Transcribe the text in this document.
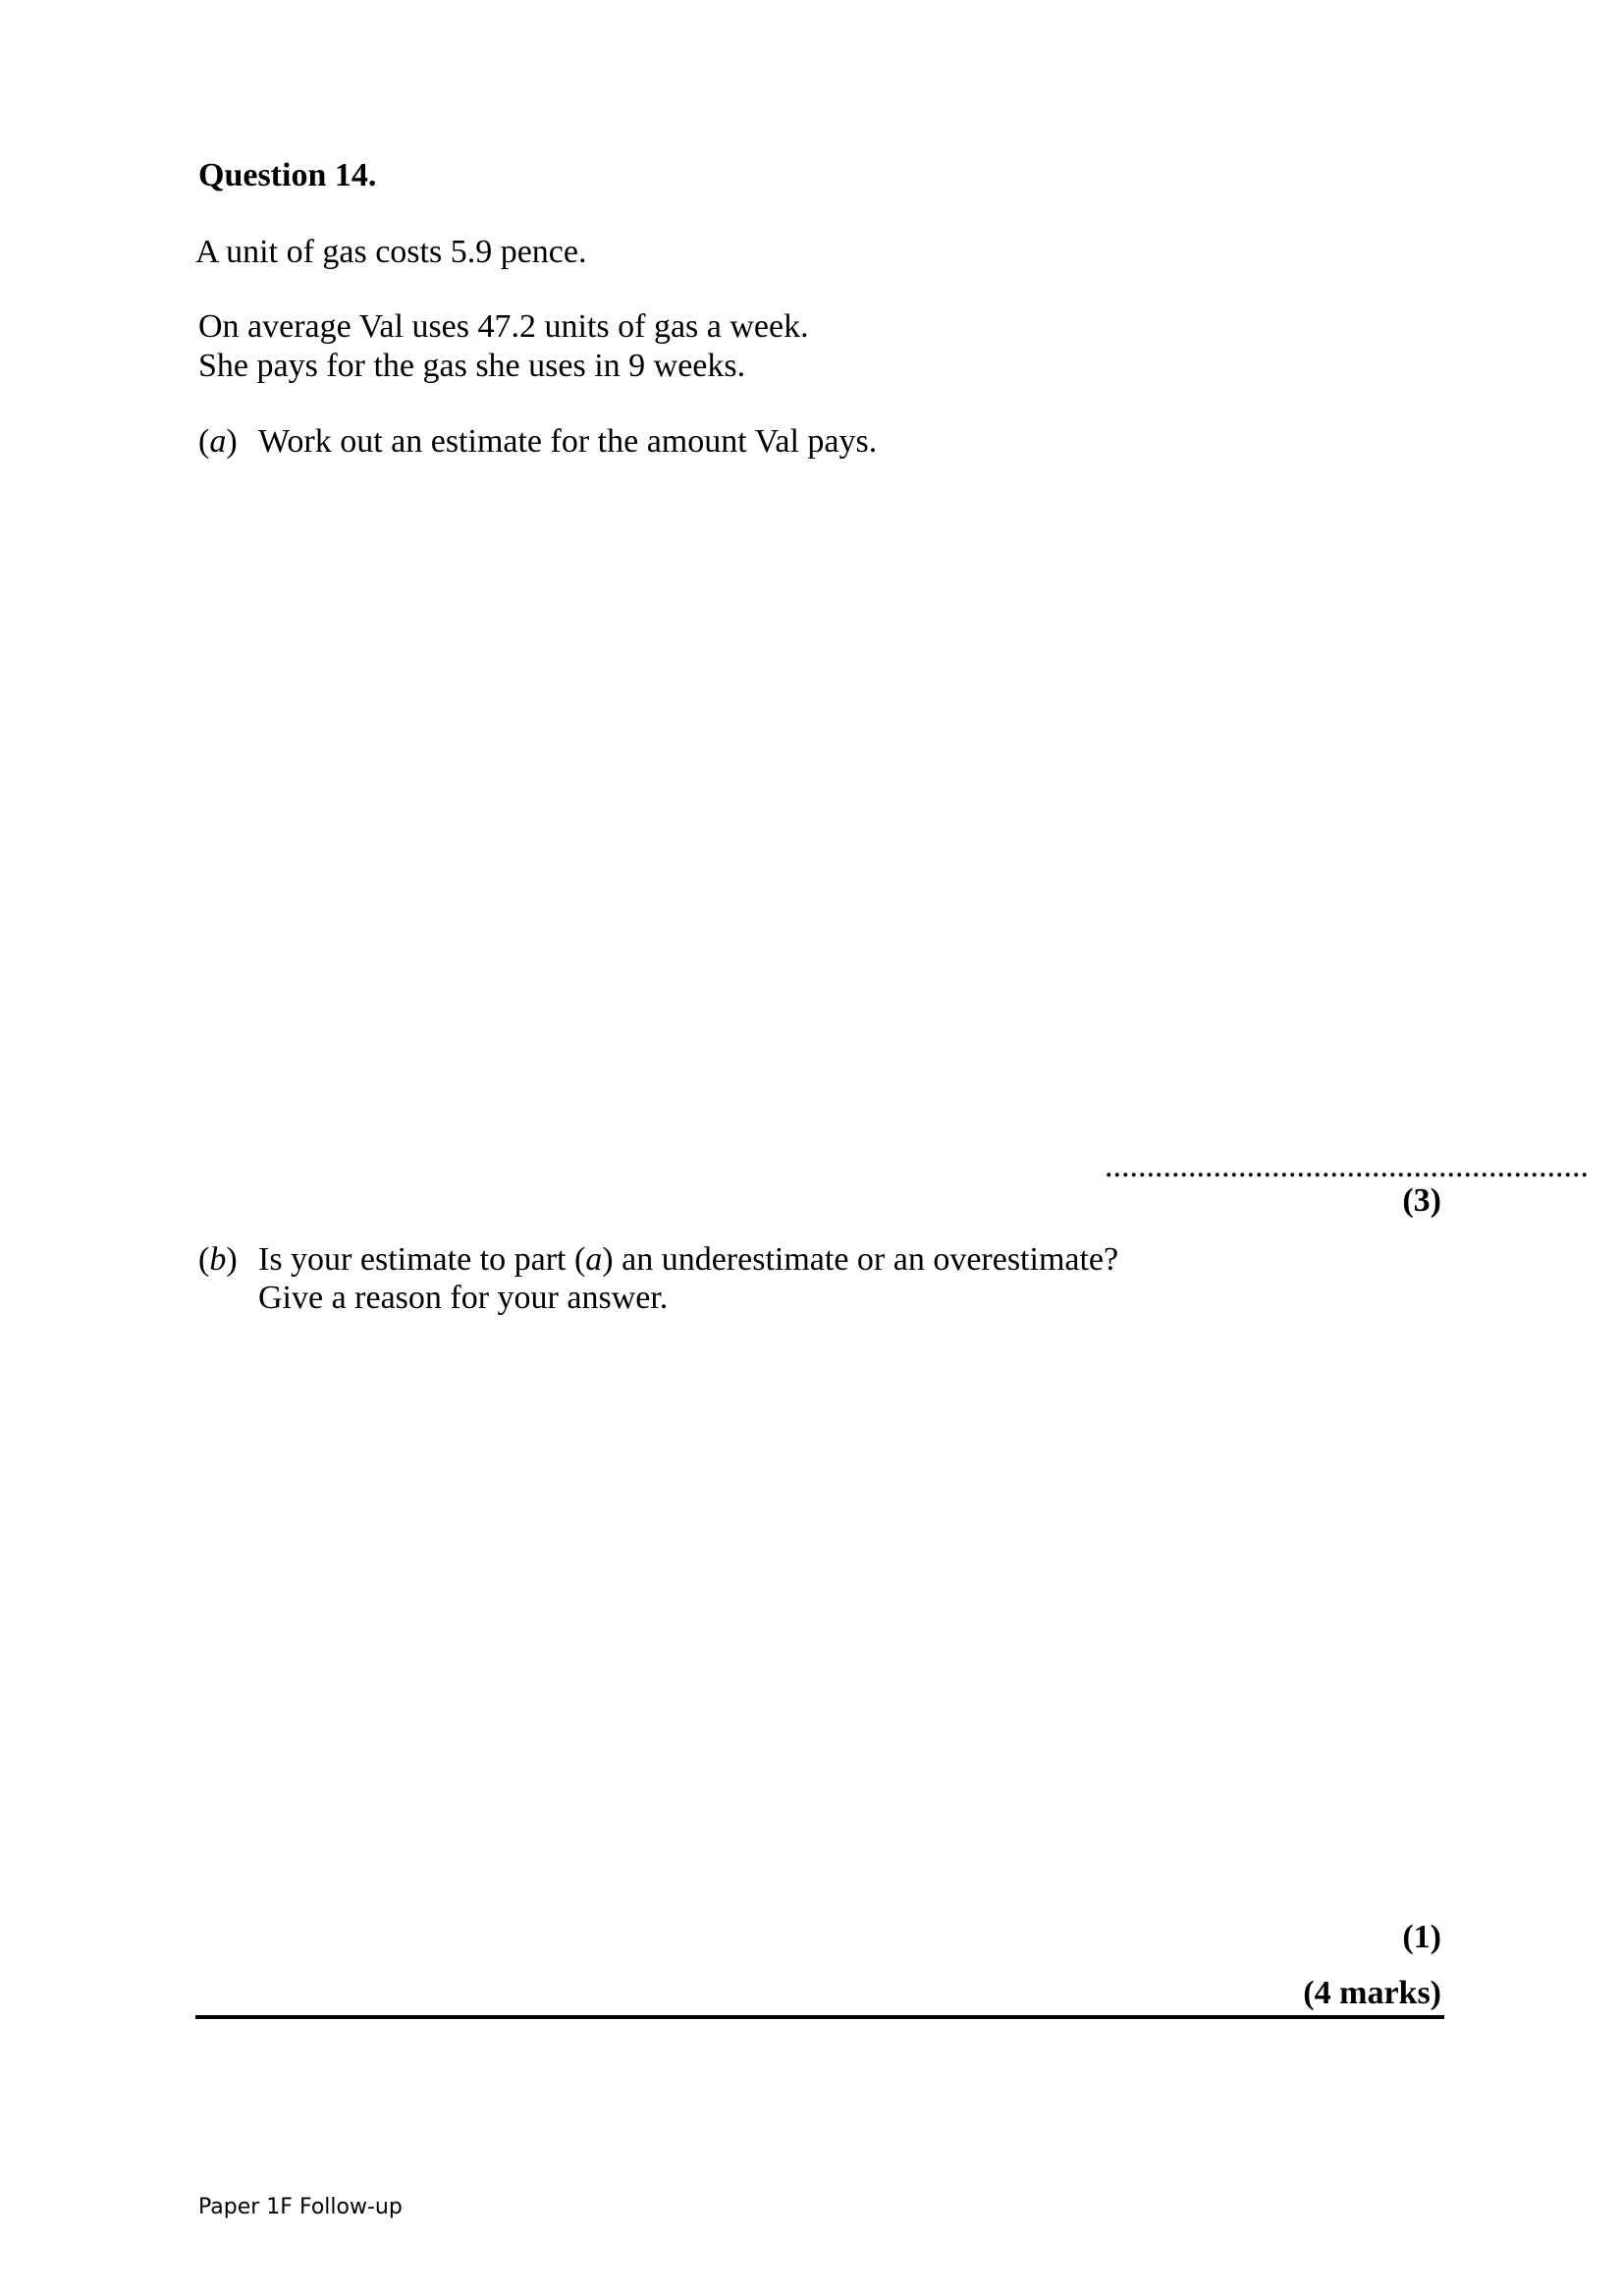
Question 14.
A unit of gas costs 5.9 pence.
On average Val uses 47.2 units of gas a week.
She pays for the gas she uses in 9 weeks.
(a) Work out an estimate for the amount Val pays.
..........................................................
(3)
(b) Is your estimate to part (a) an underestimate or an overestimate?
Give a reason for your answer.
(1)
(4 marks)
Paper 1F Follow-up
